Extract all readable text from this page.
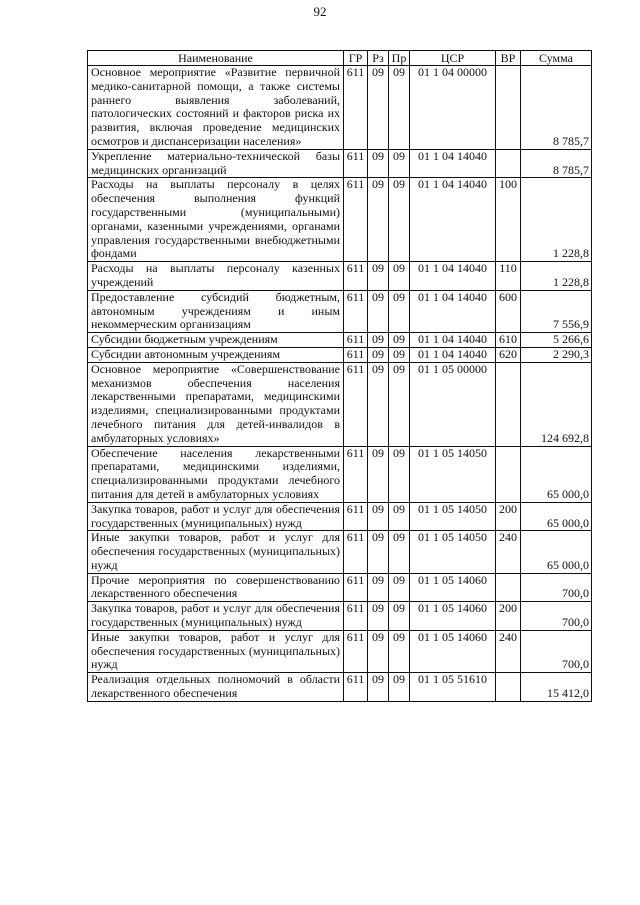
92
Наименование	ГР	Рз	Пр	ЦСР	ВР	Сумма
Основное мероприятие «Развитие первичной медико-санитарной помощи, а также системы раннего выявления заболеваний, патологических состояний и факторов риска их развития, включая проведение медицинских осмотров и диспансеризации населения»	611	09	09	01 1 04 00000		8 785,7
Укрепление материально-технической базы медицинских организаций	611	09	09	01 1 04 14040		8 785,7
Расходы на выплаты персоналу в целях обеспечения выполнения функций государственными (муниципальными) органами, казенными учреждениями, органами управления государственными внебюджетными фондами	611	09	09	01 1 04 14040	100	1 228,8
Расходы на выплаты персоналу казенных учреждений	611	09	09	01 1 04 14040	110	1 228,8
Предоставление субсидий бюджетным, автономным учреждениям и иным некоммерческим организациям	611	09	09	01 1 04 14040	600	7 556,9
Субсидии бюджетным учреждениям	611	09	09	01 1 04 14040	610	5 266,6
Субсидии автономным учреждениям	611	09	09	01 1 04 14040	620	2 290,3
Основное мероприятие «Совершенствование механизмов обеспечения населения лекарственными препаратами, медицинскими изделиями, специализированными продуктами лечебного питания для детей-инвалидов в амбулаторных условиях»	611	09	09	01 1 05 00000		124 692,8
Обеспечение населения лекарственными препаратами, медицинскими изделиями, специализированными продуктами лечебного питания для детей в амбулаторных условиях	611	09	09	01 1 05 14050		65 000,0
Закупка товаров, работ и услуг для обеспечения государственных (муниципальных) нужд	611	09	09	01 1 05 14050	200	65 000,0
Иные закупки товаров, работ и услуг для обеспечения государственных (муниципальных) нужд	611	09	09	01 1 05 14050	240	65 000,0
Прочие мероприятия по совершенствованию лекарственного обеспечения	611	09	09	01 1 05 14060		700,0
Закупка товаров, работ и услуг для обеспечения государственных (муниципальных) нужд	611	09	09	01 1 05 14060	200	700,0
Иные закупки товаров, работ и услуг для обеспечения государственных (муниципальных) нужд	611	09	09	01 1 05 14060	240	700,0
Реализация отдельных полномочий в области лекарственного обеспечения	611	09	09	01 1 05 51610		15 412,0
